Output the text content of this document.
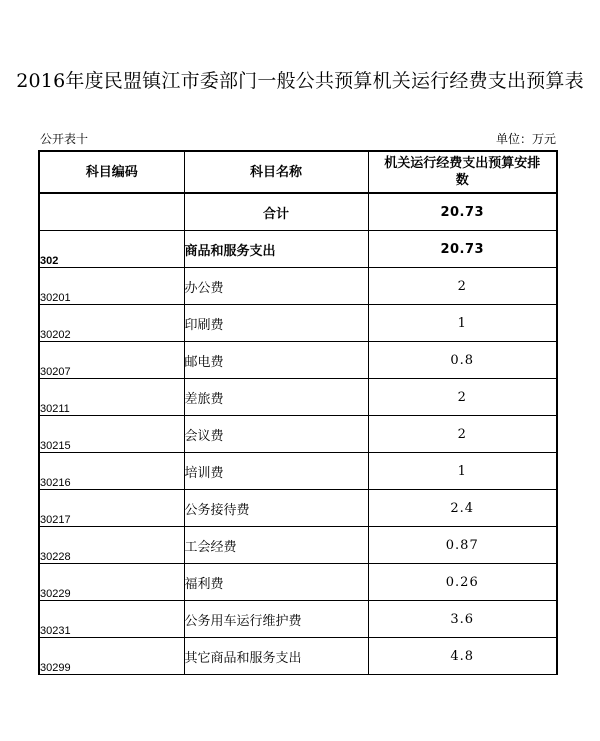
2016年度民盟镇江市委部门一般公共预算机关运行经费支出预算表
公开表十	单位：万元
科目编码	科目名称	机关运行经费支出预算安排数
	合计	20.73
302	商品和服务支出	20.73
30201	办公费	2
30202	印刷费	1
30207	邮电费	0.8
30211	差旅费	2
30215	会议费	2
30216	培训费	1
30217	公务接待费	2.4
30228	工会经费	0.87
30229	福利费	0.26
30231	公务用车运行维护费	3.6
30299	其它商品和服务支出	4.8
